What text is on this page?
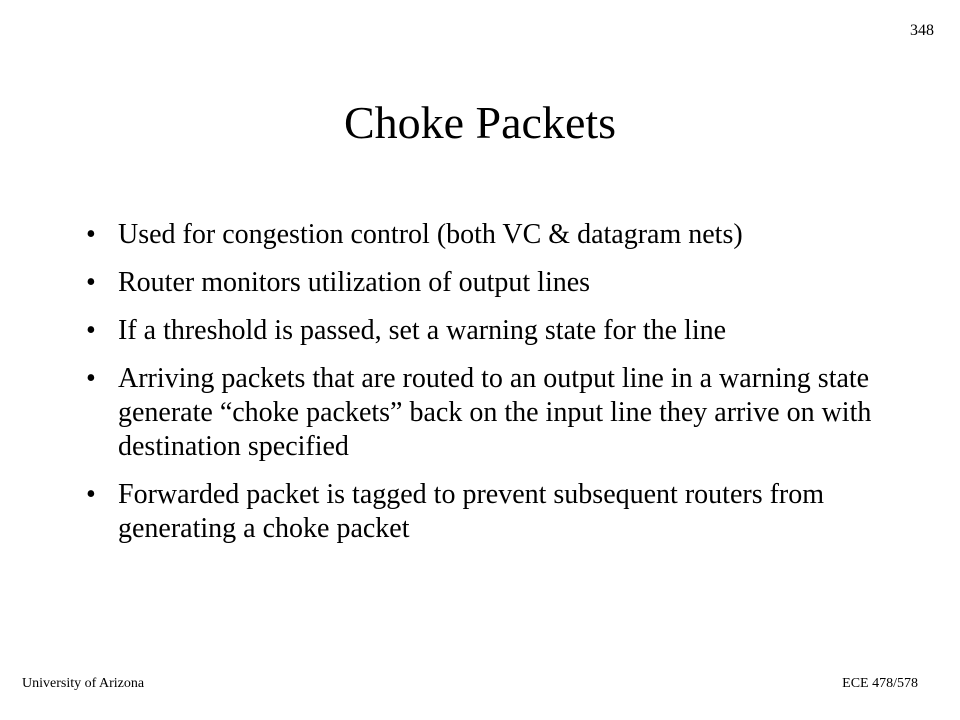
348
Choke Packets
• Used for congestion control (both VC & datagram nets)
• Router monitors utilization of output lines
• If a threshold is passed, set a warning state for the line
• Arriving packets that are routed to an output line in a warning state generate “choke packets” back on the input line they arrive on with destination specified
• Forwarded packet is tagged to prevent subsequent routers from generating a choke packet
University of Arizona	ECE 478/578
